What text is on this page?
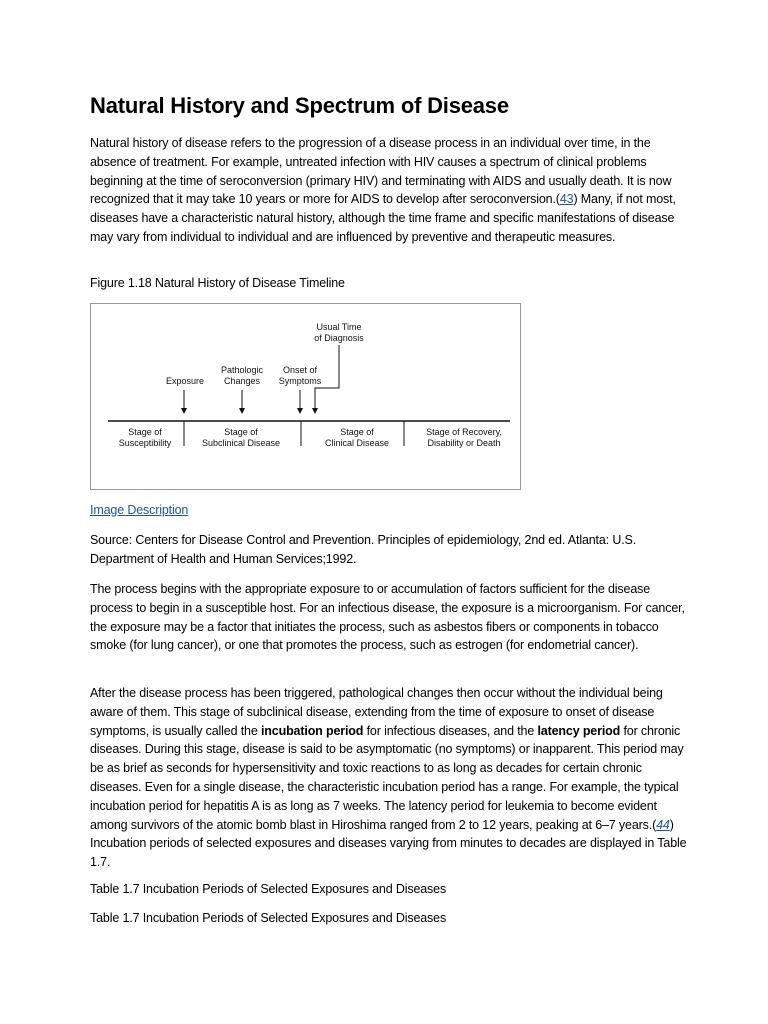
Natural History and Spectrum of Disease

Natural history of disease refers to the progression of a disease process in an individual over time, in the absence of treatment. For example, untreated infection with HIV causes a spectrum of clinical problems beginning at the time of seroconversion (primary HIV) and terminating with AIDS and usually death. It is now recognized that it may take 10 years or more for AIDS to develop after seroconversion.(43) Many, if not most, diseases have a characteristic natural history, although the time frame and specific manifestations of disease may vary from individual to individual and are influenced by preventive and therapeutic measures.

Figure 1.18 Natural History of Disease Timeline

Usual Time
of Diagnosis
Pathologic
Changes
Onset of
Symptoms
Exposure
Stage of
Susceptibility
Stage of
Subclinical Disease
Stage of
Clinical Disease
Stage of Recovery,
Disability or Death
Image Description

Source: Centers for Disease Control and Prevention. Principles of epidemiology, 2nd ed. Atlanta: U.S. Department of Health and Human Services;1992.

The process begins with the appropriate exposure to or accumulation of factors sufficient for the disease process to begin in a susceptible host. For an infectious disease, the exposure is a microorganism. For cancer, the exposure may be a factor that initiates the process, such as asbestos fibers or components in tobacco smoke (for lung cancer), or one that promotes the process, such as estrogen (for endometrial cancer).

After the disease process has been triggered, pathological changes then occur without the individual being aware of them. This stage of subclinical disease, extending from the time of exposure to onset of disease symptoms, is usually called the incubation period for infectious diseases, and the latency period for chronic diseases. During this stage, disease is said to be asymptomatic (no symptoms) or inapparent. This period may be as brief as seconds for hypersensitivity and toxic reactions to as long as decades for certain chronic diseases. Even for a single disease, the characteristic incubation period has a range. For example, the typical incubation period for hepatitis A is as long as 7 weeks. The latency period for leukemia to become evident among survivors of the atomic bomb blast in Hiroshima ranged from 2 to 12 years, peaking at 6–7 years.(44) Incubation periods of selected exposures and diseases varying from minutes to decades are displayed in Table 1.7.

Table 1.7 Incubation Periods of Selected Exposures and Diseases

Table 1.7 Incubation Periods of Selected Exposures and Diseases
